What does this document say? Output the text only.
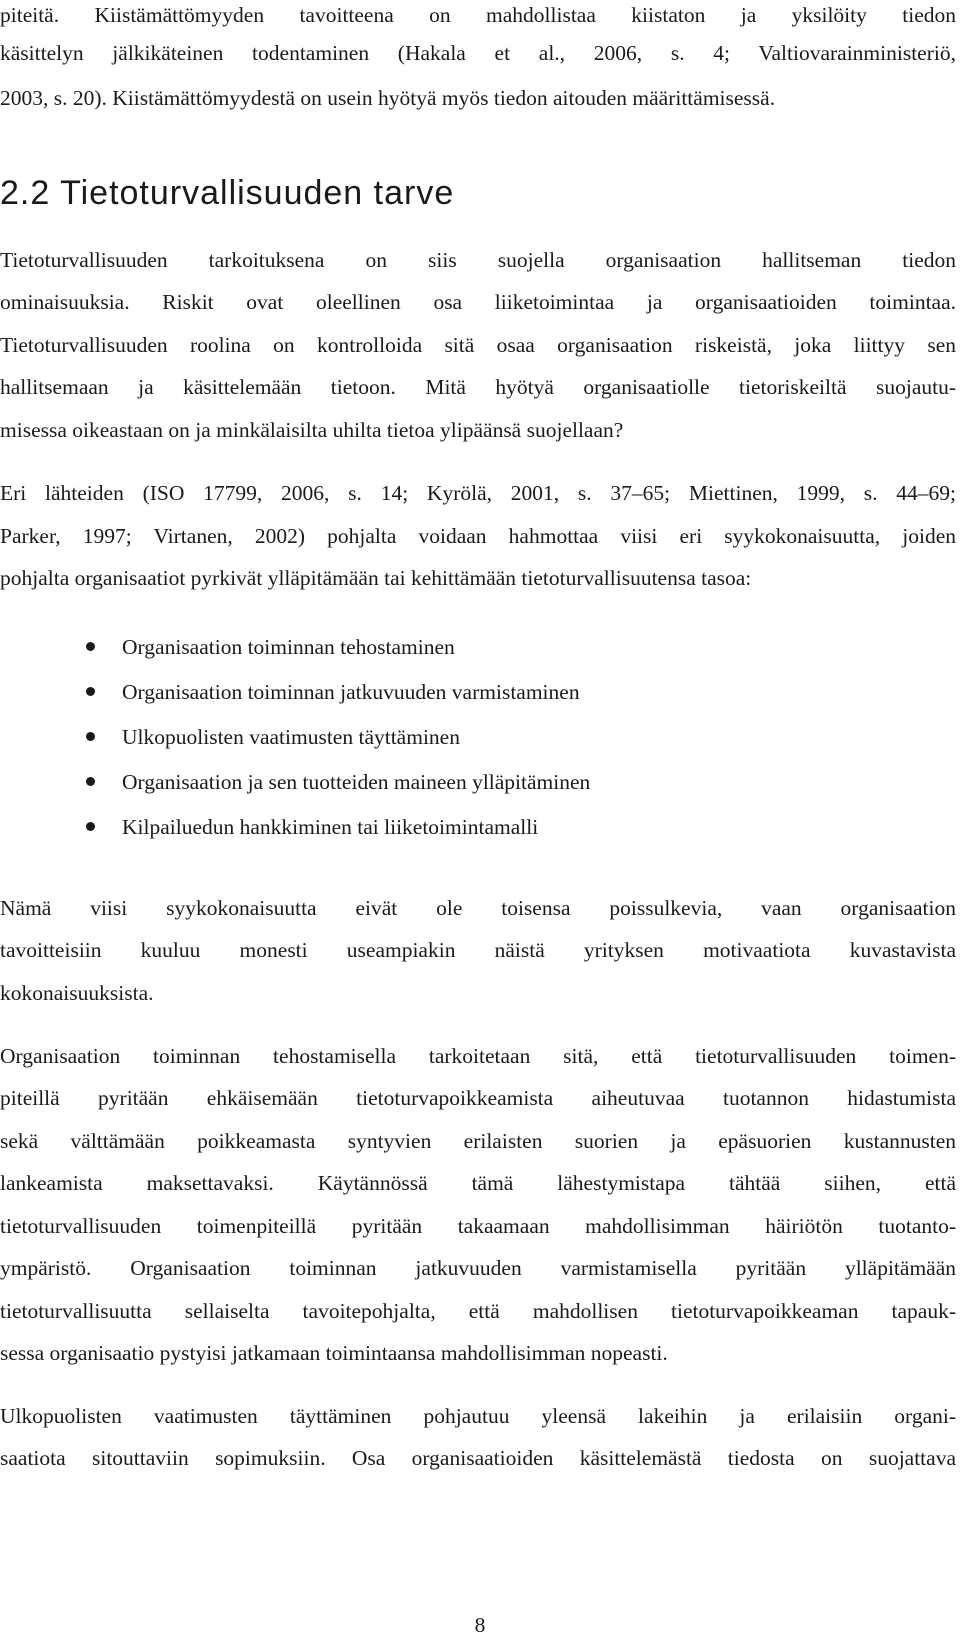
piteitä. Kiistämättömyyden tavoitteena on mahdollistaa kiistaton ja yksilöity tiedon
käsittelyn jälkikäteinen todentaminen (Hakala et al., 2006, s. 4; Valtiovarainministeriö,
2003, s. 20). Kiistämättömyydestä on usein hyötyä myös tiedon aitouden määrittämisessä.
2.2 Tietoturvallisuuden tarve
Tietoturvallisuuden tarkoituksena on siis suojella organisaation hallitseman tiedon
ominaisuuksia. Riskit ovat oleellinen osa liiketoimintaa ja organisaatioiden toimintaa.
Tietoturvallisuuden roolina on kontrolloida sitä osaa organisaation riskeistä, joka liittyy sen
hallitsemaan ja käsittelemään tietoon. Mitä hyötyä organisaatiolle tietoriskeiltä suojautu-
misessa oikeastaan on ja minkälaisilta uhilta tietoa ylipäänsä suojellaan?
Eri lähteiden (ISO 17799, 2006, s. 14; Kyrölä, 2001, s. 37–65; Miettinen, 1999, s. 44–69;
Parker, 1997; Virtanen, 2002) pohjalta voidaan hahmottaa viisi eri syykokonaisuutta, joiden
pohjalta organisaatiot pyrkivät ylläpitämään tai kehittämään tietoturvallisuutensa tasoa:
Organisaation toiminnan tehostaminen
Organisaation toiminnan jatkuvuuden varmistaminen
Ulkopuolisten vaatimusten täyttäminen
Organisaation ja sen tuotteiden maineen ylläpitäminen
Kilpailuedun hankkiminen tai liiketoimintamalli
Nämä viisi syykokonaisuutta eivät ole toisensa poissulkevia, vaan organisaation
tavoitteisiin kuuluu monesti useampiakin näistä yrityksen motivaatiota kuvastavista
kokonaisuuksista.
Organisaation toiminnan tehostamisella tarkoitetaan sitä, että tietoturvallisuuden toimen-
piteillä pyritään ehkäisemään tietoturvapoikkeamista aiheutuvaa tuotannon hidastumista
sekä välttämään poikkeamasta syntyvien erilaisten suorien ja epäsuorien kustannusten
lankeamista maksettavaksi. Käytännössä tämä lähestymistapa tähtää siihen, että
tietoturvallisuuden toimenpiteillä pyritään takaamaan mahdollisimman häiriötön tuotanto-
ympäristö. Organisaation toiminnan jatkuvuuden varmistamisella pyritään ylläpitämään
tietoturvallisuutta sellaiselta tavoitepohjalta, että mahdollisen tietoturvapoikkeaman tapauk-
sessa organisaatio pystyisi jatkamaan toimintaansa mahdollisimman nopeasti.
Ulkopuolisten vaatimusten täyttäminen pohjautuu yleensä lakeihin ja erilaisiin organi-
saatiota sitouttaviin sopimuksiin. Osa organisaatioiden käsittelemästä tiedosta on suojattava
8
